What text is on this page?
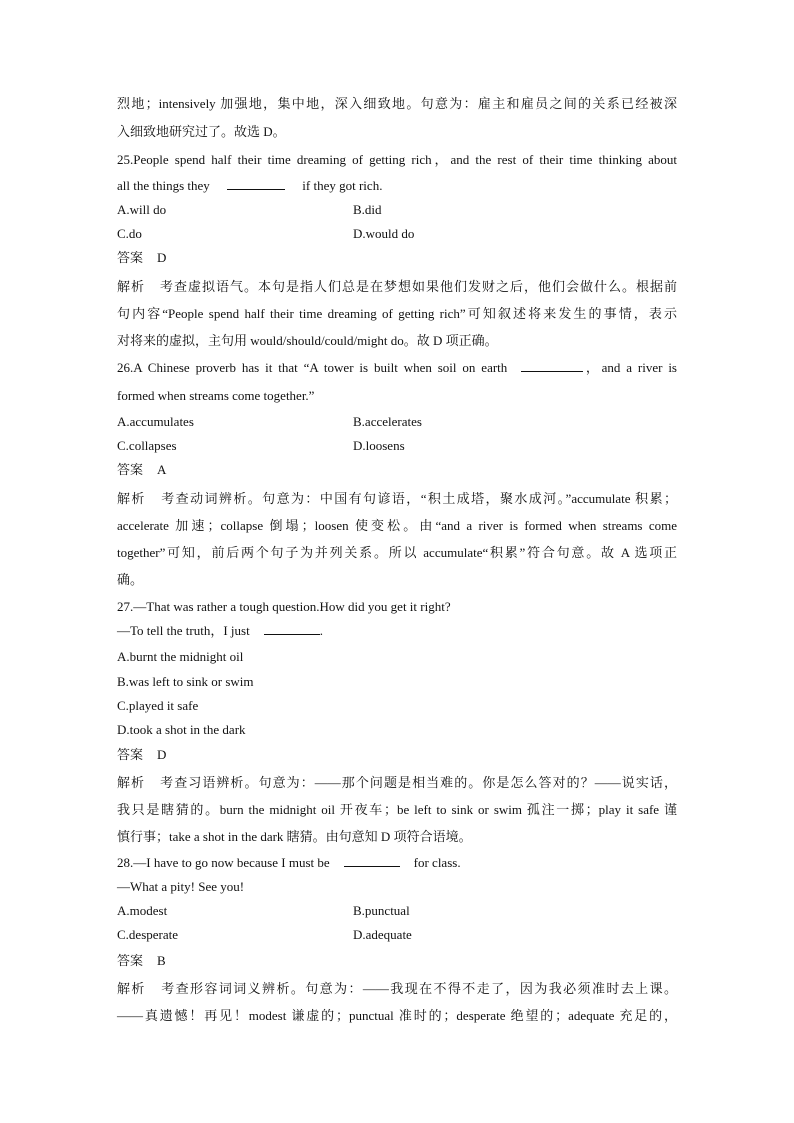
烈地；intensively 加强地，集中地，深入细致地。句意为：雇主和雇员之间的关系已经被深
入细致地研究过了。故选 D。
25.People spend half their time dreaming of getting rich，and the rest of their time thinking about
all the things they	if they got rich.
A.will do	B.did
C.do	D.would do
答案 D
解析 考查虚拟语气。本句是指人们总是在梦想如果他们发财之后，他们会做什么。根据前
句内容“People spend half their time dreaming of getting rich”可知叙述将来发生的事情，表示
对将来的虚拟，主句用 would/should/could/might do。故 D 项正确。
26.A Chinese proverb has it that “A tower is built when soil on earth	，and a river is
formed when streams come together.”
A.accumulates	B.accelerates
C.collapses	D.loosens
答案 A
解析 考查动词辨析。句意为：中国有句谚语，“积土成塔，聚水成河。”accumulate 积累；
accelerate 加速；collapse 倒塌；loosen 使变松。由“and a river is formed when streams come
together”可知，前后两个句子为并列关系。所以 accumulate“积累”符合句意。故 A 选项正
确。
27.—That was rather a tough question.How did you get it right?
—To tell the truth，I just	.
A.burnt the midnight oil
B.was left to sink or swim
C.played it safe
D.took a shot in the dark
答案 D
解析 考查习语辨析。句意为：——那个问题是相当难的。你是怎么答对的？——说实话，
我只是瞎猜的。burn the midnight oil 开夜车；be left to sink or swim 孤注一掷；play it safe 谨
慎行事；take a shot in the dark 瞎猜。由句意知 D 项符合语境。
28.—I have to go now because I must be	for class.
—What a pity! See you!
A.modest	B.punctual
C.desperate	D.adequate
答案 B
解析 考查形容词词义辨析。句意为：——我现在不得不走了，因为我必须准时去上课。
——真遗憾！再见！modest 谦虚的；punctual 准时的；desperate 绝望的；adequate 充足的，
